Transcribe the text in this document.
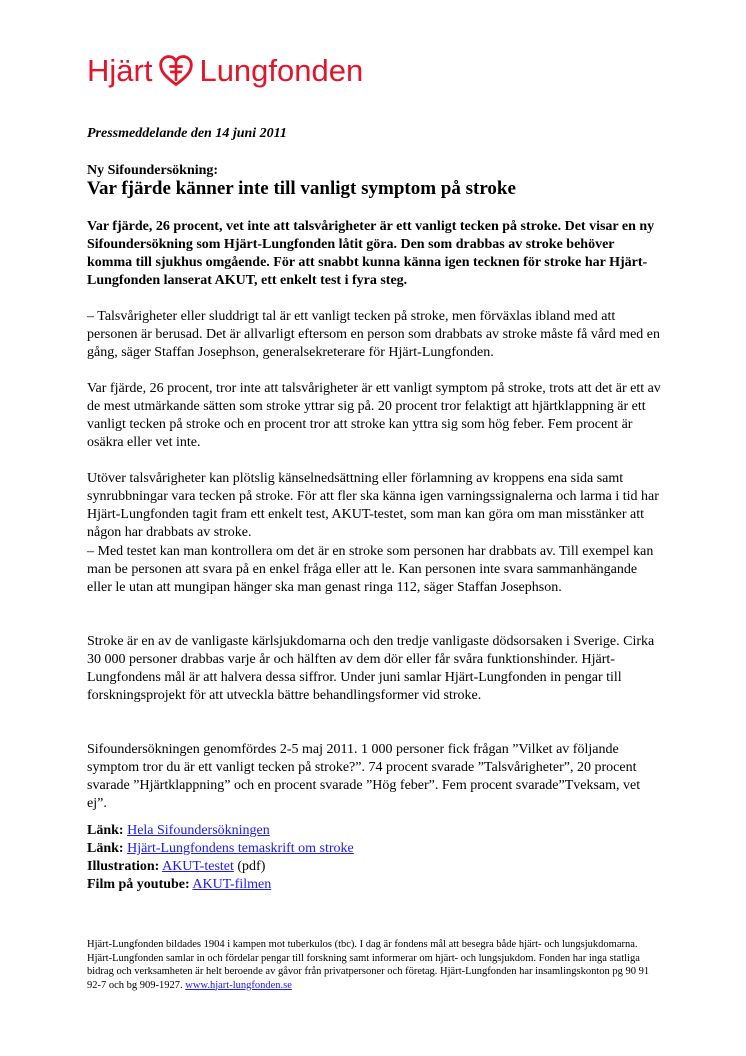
Hjärt Lungfonden
Pressmeddelande den 14 juni 2011
Ny Sifoundersökning:
Var fjärde känner inte till vanligt symptom på stroke
Var fjärde, 26 procent, vet inte att talsvårigheter är ett vanligt tecken på stroke. Det visar en ny Sifoundersökning som Hjärt-Lungfonden låtit göra. Den som drabbas av stroke behöver komma till sjukhus omgående. För att snabbt kunna känna igen tecknen för stroke har Hjärt-Lungfonden lanserat AKUT, ett enkelt test i fyra steg.
– Talsvårigheter eller sluddrigt tal är ett vanligt tecken på stroke, men förväxlas ibland med att personen är berusad. Det är allvarligt eftersom en person som drabbats av stroke måste få vård med en gång, säger Staffan Josephson, generalsekreterare för Hjärt-Lungfonden.
Var fjärde, 26 procent, tror inte att talsvårigheter är ett vanligt symptom på stroke, trots att det är ett av de mest utmärkande sätten som stroke yttrar sig på. 20 procent tror felaktigt att hjärtklappning är ett vanligt tecken på stroke och en procent tror att stroke kan yttra sig som hög feber. Fem procent är osäkra eller vet inte.
Utöver talsvårigheter kan plötslig känselnedsättning eller förlamning av kroppens ena sida samt synrubbningar vara tecken på stroke. För att fler ska känna igen varningssignalerna och larma i tid har Hjärt-Lungfonden tagit fram ett enkelt test, AKUT-testet, som man kan göra om man misstänker att någon har drabbats av stroke.
– Med testet kan man kontrollera om det är en stroke som personen har drabbats av. Till exempel kan man be personen att svara på en enkel fråga eller att le. Kan personen inte svara sammanhängande eller le utan att mungipan hänger ska man genast ringa 112, säger Staffan Josephson.
Stroke är en av de vanligaste kärlsjukdomarna och den tredje vanligaste dödsorsaken i Sverige. Cirka 30 000 personer drabbas varje år och hälften av dem dör eller får svåra funktionshinder. Hjärt-Lungfondens mål är att halvera dessa siffror. Under juni samlar Hjärt-Lungfonden in pengar till forskningsprojekt för att utveckla bättre behandlingsformer vid stroke.
Sifoundersökningen genomfördes 2-5 maj 2011. 1 000 personer fick frågan ”Vilket av följande symptom tror du är ett vanligt tecken på stroke?”. 74 procent svarade ”Talsvårigheter”, 20 procent svarade ”Hjärtklappning” och en procent svarade ”Hög feber”. Fem procent svarade”Tveksam, vet ej”.
Länk: Hela Sifoundersökningen
Länk: Hjärt-Lungfondens temaskrift om stroke
Illustration: AKUT-testet (pdf)
Film på youtube: AKUT-filmen
Hjärt-Lungfonden bildades 1904 i kampen mot tuberkulos (tbc). I dag är fondens mål att besegra både hjärt- och lungsjukdomarna. Hjärt-Lungfonden samlar in och fördelar pengar till forskning samt informerar om hjärt- och lungsjukdom. Fonden har inga statliga bidrag och verksamheten är helt beroende av gåvor från privatpersoner och företag. Hjärt-Lungfonden har insamlingskonton pg 90 91 92-7 och bg 909-1927. www.hjart-lungfonden.se
